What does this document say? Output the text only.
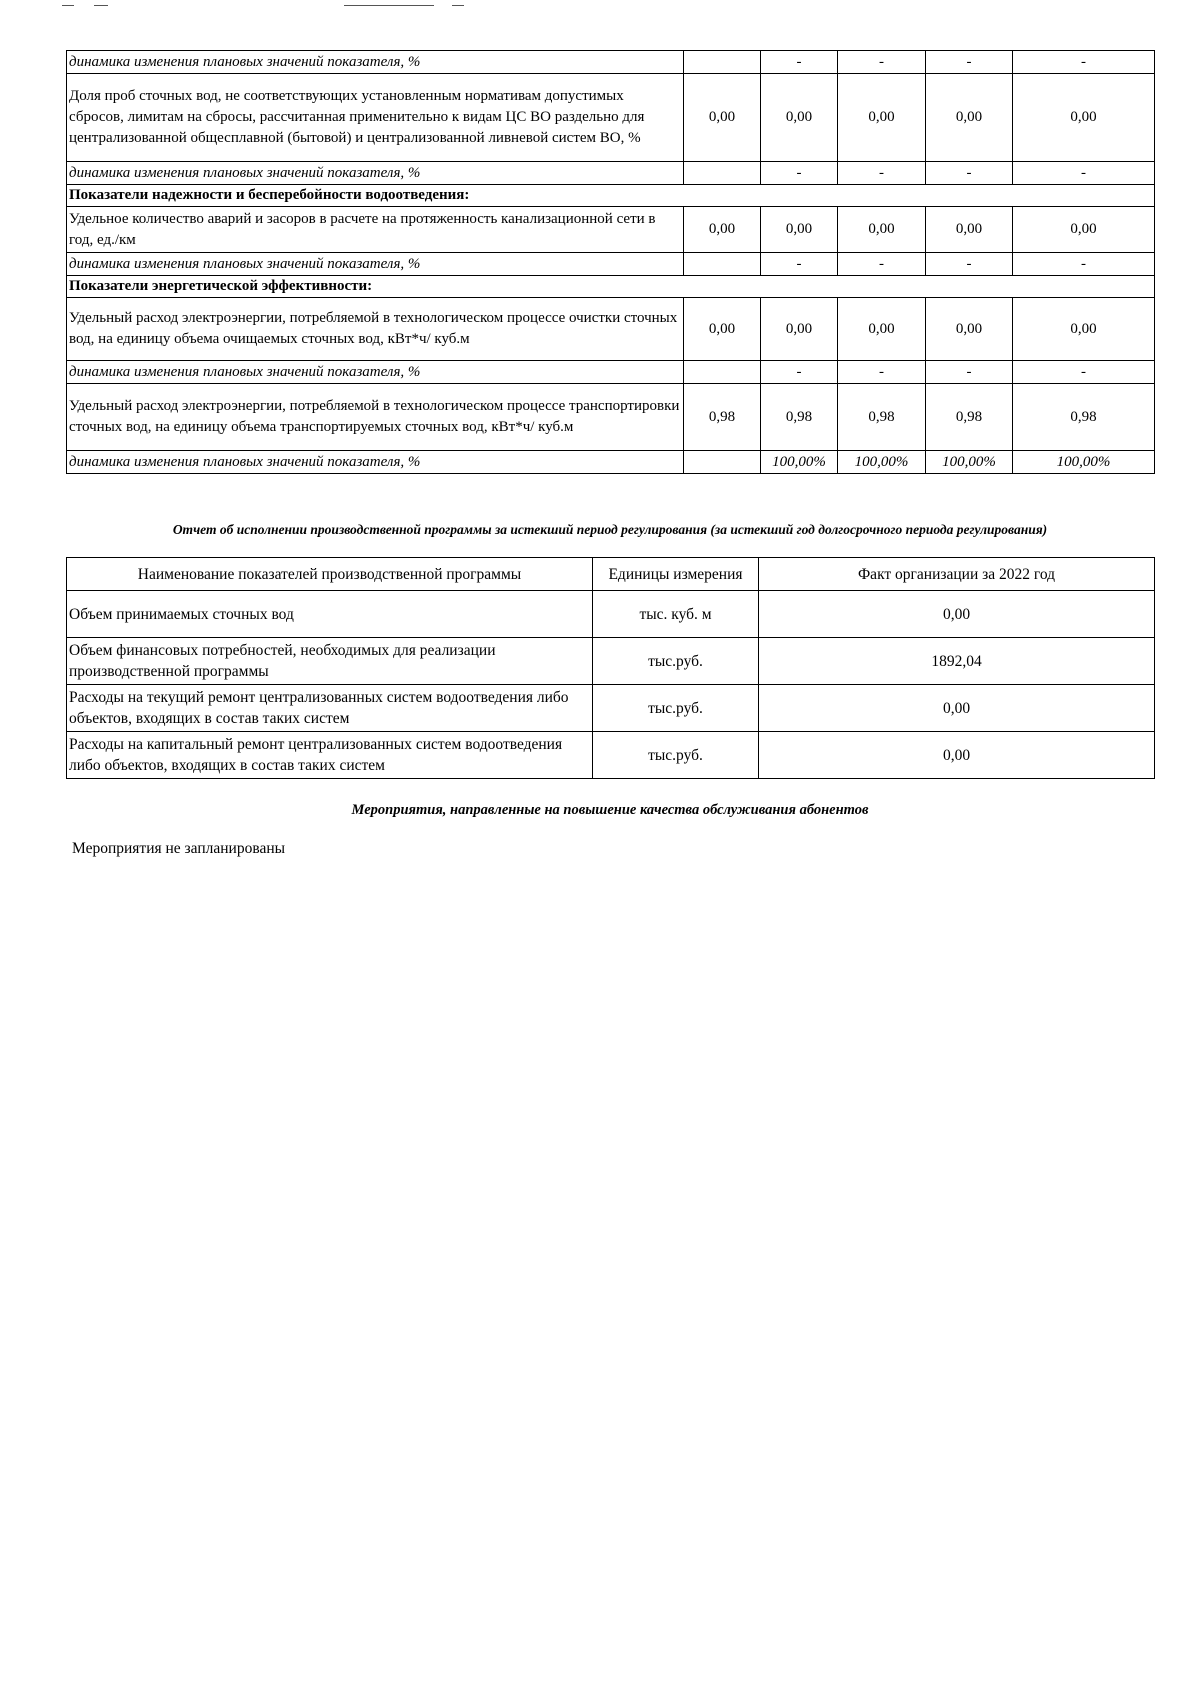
динамика изменения плановых значений показателя, %		-	-	-	-
Доля проб сточных вод, не соответствующих установленным нормативам допустимых сбросов, лимитам на сбросы, рассчитанная применительно к видам ЦС ВО раздельно для централизованной общесплавной (бытовой) и централизованной ливневой систем ВО, %	0,00	0,00	0,00	0,00	0,00
динамика изменения плановых значений показателя, %		-	-	-	-
Показатели надежности и бесперебойности водоотведения:					
Удельное количество аварий и засоров в расчете на протяженность канализационной сети в год, ед./км	0,00	0,00	0,00	0,00	0,00
динамика изменения плановых значений показателя, %		-	-	-	-
Показатели энергетической эффективности:					
Удельный расход электроэнергии, потребляемой в технологическом процессе очистки сточных вод, на единицу объема очищаемых сточных вод, кВт*ч/ куб.м	0,00	0,00	0,00	0,00	0,00
динамика изменения плановых значений показателя, %		-	-	-	-
Удельный расход электроэнергии, потребляемой в технологическом процессе транспортировки сточных вод, на единицу объема транспортируемых сточных вод, кВт*ч/ куб.м	0,98	0,98	0,98	0,98	0,98
динамика изменения плановых значений показателя, %		100,00%	100,00%	100,00%	100,00%
Отчет об исполнении производственной программы за истекший период регулирования (за истекший год долгосрочного периода регулирования)
Наименование показателей производственной программы	Единицы измерения	Факт организации за 2022 год
Объем принимаемых сточных вод	тыс. куб. м	0,00
Объем финансовых потребностей, необходимых для реализации производственной программы	тыс.руб.	1892,04
Расходы на текущий ремонт централизованных систем водоотведения либо объектов, входящих в состав таких систем	тыс.руб.	0,00
Расходы на капитальный ремонт централизованных систем водоотведения либо объектов, входящих в состав таких систем	тыс.руб.	0,00
Мероприятия, направленные на повышение качества обслуживания абонентов
Мероприятия не запланированы
